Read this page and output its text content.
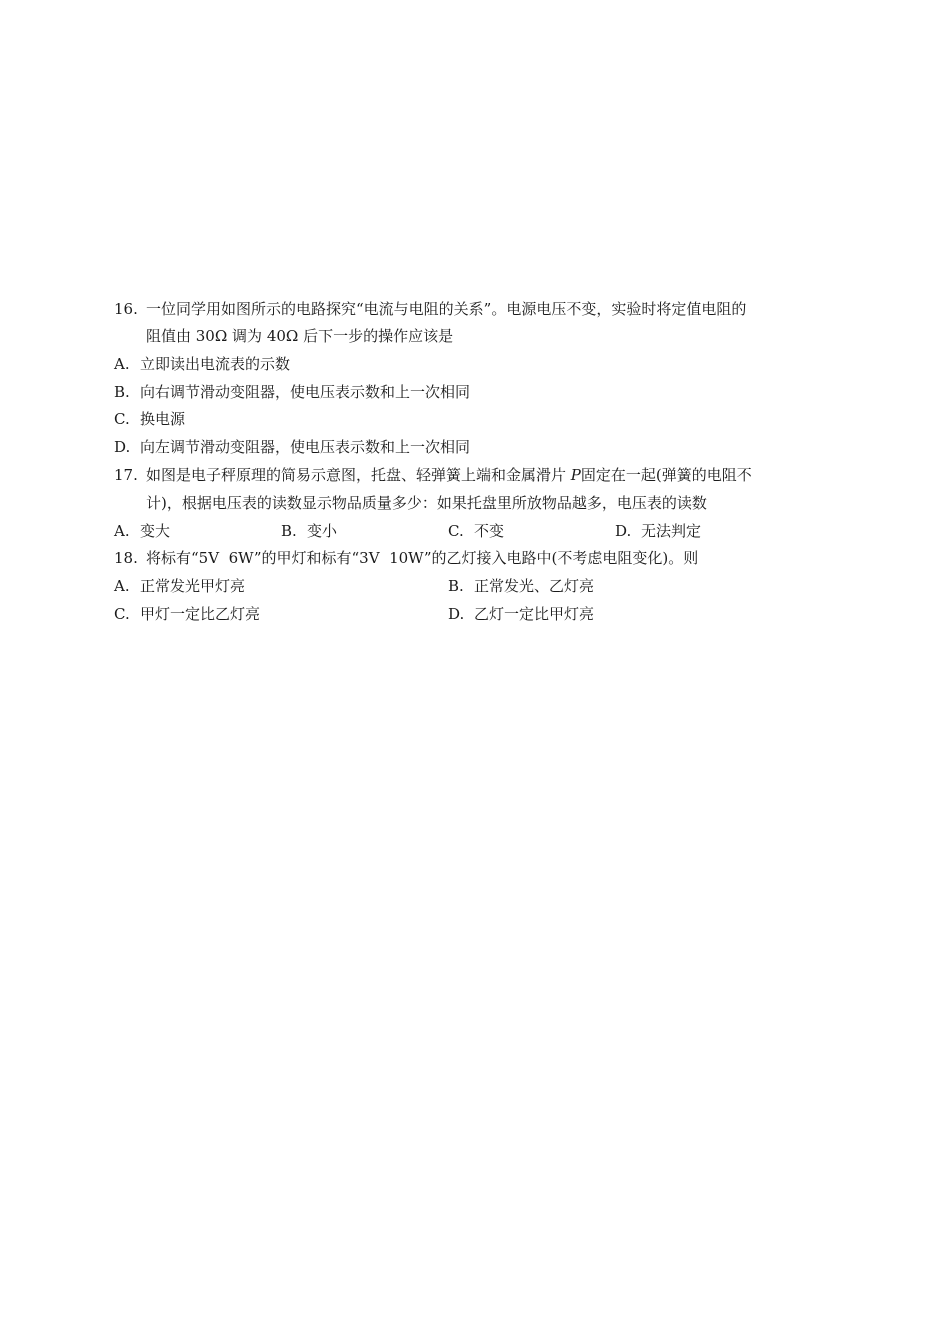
16. 一位同学用如图所示的电路探究“电流与电阻的关系”。电源电压不变，实验时将定值电阻的
阻值由 30Ω 调为 40Ω 后下一步的操作应该是
A. 立即读出电流表的示数
B. 向右调节滑动变阻器，使电压表示数和上一次相同
C. 换电源
D. 向左调节滑动变阻器，使电压表示数和上一次相同
17. 如图是电子秤原理的简易示意图，托盘、轻弹簧上端和金属滑片 P固定在一起(弹簧的电阻不
计)，根据电压表的读数显示物品质量多少：如果托盘里所放物品越多，电压表的读数
A. 变大	B. 变小	C. 不变	D. 无法判定
18. 将标有“5V  6W”的甲灯和标有“3V  10W”的乙灯接入电路中(不考虑电阻变化)。则
A. 正常发光甲灯亮	B. 正常发光、乙灯亮
C. 甲灯一定比乙灯亮	D. 乙灯一定比甲灯亮
